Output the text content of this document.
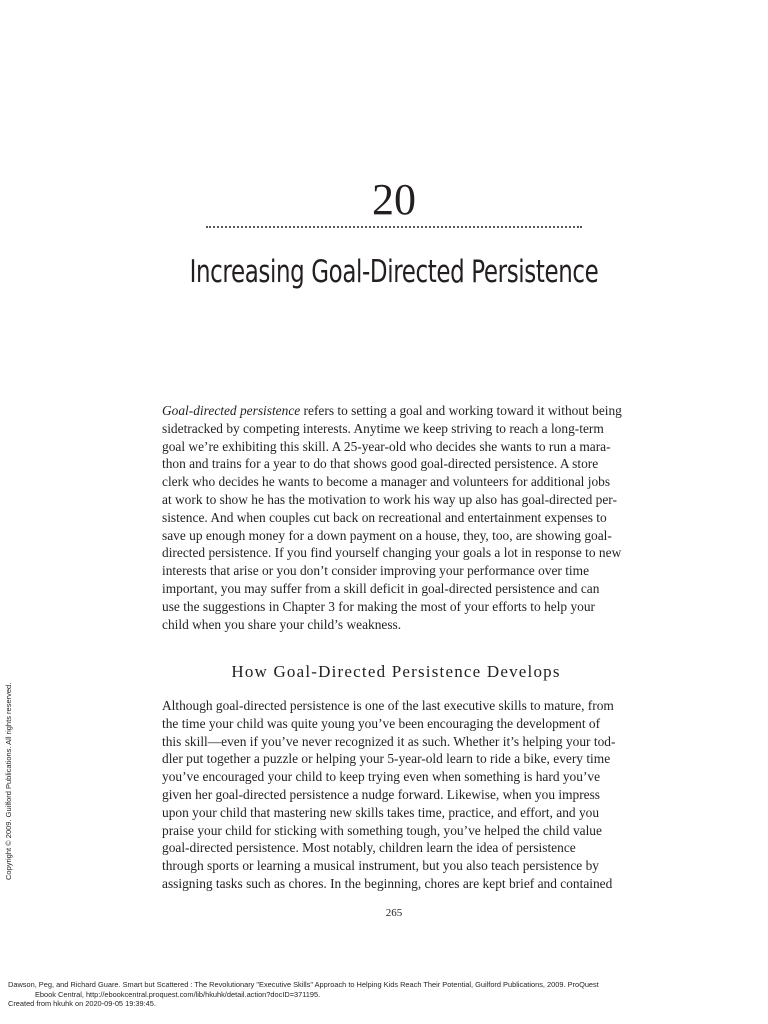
20
Increasing Goal-Directed Persistence
Goal-directed persistence refers to setting a goal and working toward it without being
sidetracked by competing interests. Anytime we keep striving to reach a long-term
goal we’re exhibiting this skill. A 25-year-old who decides she wants to run a mara-
thon and trains for a year to do that shows good goal-directed persistence. A store
clerk who decides he wants to become a manager and volunteers for additional jobs
at work to show he has the motivation to work his way up also has goal-directed per-
sistence. And when couples cut back on recreational and entertainment expenses to
save up enough money for a down payment on a house, they, too, are showing goal-
directed persistence. If you find yourself changing your goals a lot in response to new
interests that arise or you don’t consider improving your performance over time
important, you may suffer from a skill deficit in goal-directed persistence and can
use the suggestions in Chapter 3 for making the most of your efforts to help your
child when you share your child’s weakness.
How Goal-Directed Persistence Develops
Although goal-directed persistence is one of the last executive skills to mature, from
the time your child was quite young you’ve been encouraging the development of
this skill—even if you’ve never recognized it as such. Whether it’s helping your tod-
dler put together a puzzle or helping your 5-year-old learn to ride a bike, every time
you’ve encouraged your child to keep trying even when something is hard you’ve
given her goal-directed persistence a nudge forward. Likewise, when you impress
upon your child that mastering new skills takes time, practice, and effort, and you
praise your child for sticking with something tough, you’ve helped the child value
goal-directed persistence. Most notably, children learn the idea of persistence
through sports or learning a musical instrument, but you also teach persistence by
assigning tasks such as chores. In the beginning, chores are kept brief and contained
265
Copyright © 2009. Guilford Publications. All rights reserved.
Dawson, Peg, and Richard Guare. Smart but Scattered : The Revolutionary "Executive Skills" Approach to Helping Kids Reach Their Potential, Guilford Publications, 2009. ProQuest
Ebook Central, http://ebookcentral.proquest.com/lib/hkuhk/detail.action?docID=371195.
Created from hkuhk on 2020-09-05 19:39:45.
